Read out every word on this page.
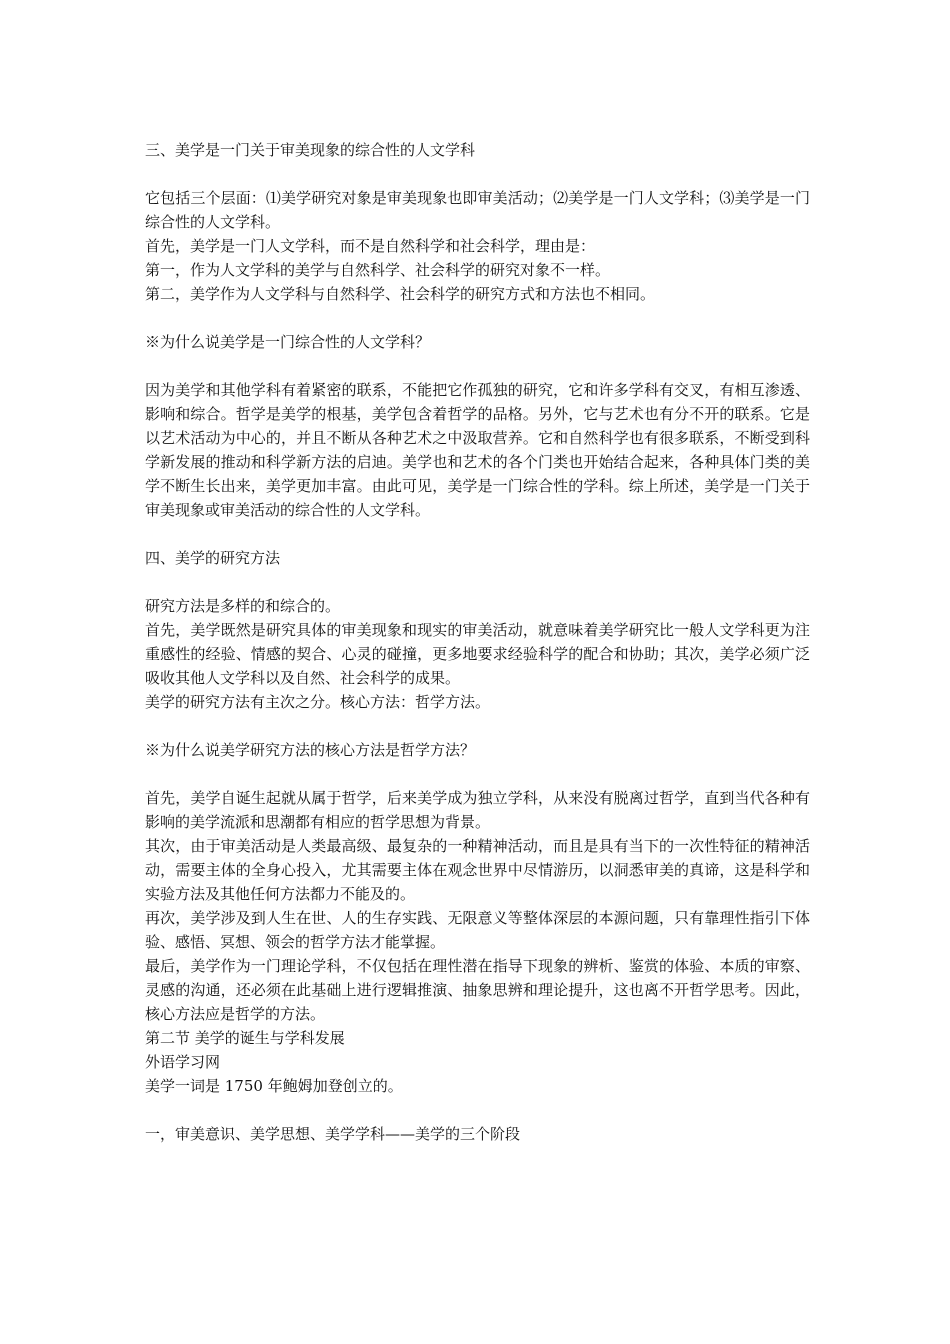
三、美学是一门关于审美现象的综合性的人文学科

它包括三个层面：⑴美学研究对象是审美现象也即审美活动；⑵美学是一门人文学科；⑶美学是一门综合性的人文学科。

首先，美学是一门人文学科，而不是自然科学和社会科学，理由是：

第一，作为人文学科的美学与自然科学、社会科学的研究对象不一样。

第二，美学作为人文学科与自然科学、社会科学的研究方式和方法也不相同。

※为什么说美学是一门综合性的人文学科？

因为美学和其他学科有着紧密的联系，不能把它作孤独的研究，它和许多学科有交叉，有相互渗透、影响和综合。哲学是美学的根基，美学包含着哲学的品格。另外，它与艺术也有分不开的联系。它是以艺术活动为中心的，并且不断从各种艺术之中汲取营养。它和自然科学也有很多联系，不断受到科学新发展的推动和科学新方法的启迪。美学也和艺术的各个门类也开始结合起来，各种具体门类的美学不断生长出来，美学更加丰富。由此可见，美学是一门综合性的学科。综上所述，美学是一门关于审美现象或审美活动的综合性的人文学科。

四、美学的研究方法

研究方法是多样的和综合的。

首先，美学既然是研究具体的审美现象和现实的审美活动，就意味着美学研究比一般人文学科更为注重感性的经验、情感的契合、心灵的碰撞，更多地要求经验科学的配合和协助；其次，美学必须广泛吸收其他人文学科以及自然、社会科学的成果。

美学的研究方法有主次之分。核心方法：哲学方法。

※为什么说美学研究方法的核心方法是哲学方法？

首先，美学自诞生起就从属于哲学，后来美学成为独立学科，从来没有脱离过哲学，直到当代各种有影响的美学流派和思潮都有相应的哲学思想为背景。

其次，由于审美活动是人类最高级、最复杂的一种精神活动，而且是具有当下的一次性特征的精神活动，需要主体的全身心投入，尤其需要主体在观念世界中尽情游历，以洞悉审美的真谛，这是科学和实验方法及其他任何方法都力不能及的。

再次，美学涉及到人生在世、人的生存实践、无限意义等整体深层的本源问题，只有靠理性指引下体验、感悟、冥想、领会的哲学方法才能掌握。

最后，美学作为一门理论学科，不仅包括在理性潜在指导下现象的辨析、鉴赏的体验、本质的审察、灵感的沟通，还必须在此基础上进行逻辑推演、抽象思辨和理论提升，这也离不开哲学思考。因此，核心方法应是哲学的方法。

第二节 美学的诞生与学科发展

外语学习网

美学一词是 1750 年鲍姆加登创立的。

一，审美意识、美学思想、美学学科——美学的三个阶段
